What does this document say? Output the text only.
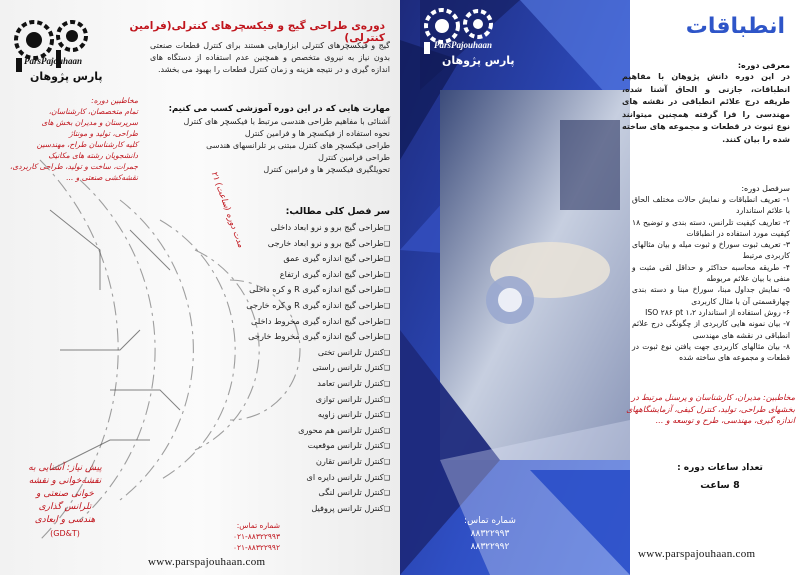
ParsPajouhaan
پارس پژوهان
دوره‌ی طراحی گیج و فیکسچرهای کنترلی(فرامین کنترلی)
گیج و فیکسچرهای کنترلی ابزارهایی هستند برای کنترل قطعات صنعتی بدون نیاز به نیروی متخصص و همچنین عدم استفاده از دستگاه های اندازه گیری و در نتیجه هزینه و زمان کنترل قطعات را بهبود می بخشد.
مهارت هایی که در این دوره آموزشی کسب می کنیم:
آشنائی با مفاهیم طراحی هندسی مرتبط با فیکسچر های کنترل
نحوه استفاده از فیکسچر ها و فرامین کنترل
طراحی فیکسچر های کنترل مبتنی بر تلرانسهای هندسی
طراحی فرامین کنترل
تحویلگیری فیکسچر ها و فرامین کنترل
مخاطبین دوره:
تمام متخصصان، کارشناسان،
سرپرستان و مدیران بخش های
طراحی، تولید و مونتاژ
کلیه کارشناسان طراح، مهندسین
دانشجویان رشته های مکانیک
جمرات، ساخت و تولید، طراحی کاربردی،
نقشه‌کشی صنعتی و ...	مدت دوره (ساعت) ۲۱	سر فصل کلی مطالب:
❑ طراحی گیج برو و نرو ابعاد داخلی
❑ طراحی گیج برو و نرو ابعاد خارجی
❑ طراحی گیج اندازه گیری عمق
❑ طراحی گیج اندازه گیری ارتفاع
❑ طراحی گیج اندازه گیری R و کره داخلی
❑ طراحی گیج اندازه گیری R و کره خارجی
❑ طراحی گیج اندازه گیری مخروط داخلی
❑ طراحی گیج اندازه گیری مخروط خارجی
❑ کنترل تلرانس تختی
❑ کنترل تلرانس راستی
❑ کنترل تلرانس تعامد
❑ کنترل تلرانس توازی
❑ کنترل تلرانس زاویه
❑ کنترل تلرانس هم محوری
❑ کنترل تلرانس موقعیت
❑ کنترل تلرانس تقارن
❑ کنترل تلرانس دایره ای
❑ کنترل تلرانس لنگی
❑ کنترل تلرانس پروفیل
پیش نیاز: آشنایی به
نقشه‌خوانی و نقشه
خوانی صنعتی و
تلرانس گذاری
هندسی و ابعادی
(GD&T)
شماره تماس:
۰۲۱-۸۸۳۲۲۹۹۳
۰۲۱-۸۸۳۲۲۹۹۲
www.parspajouhaan.com
ParsPajouhaan
پارس پژوهان
انطباقات
معرفی دوره:
در این دوره دانش پژوهان با مفاهیم انطباقات، جازنی و الحاق آشنا شده، طریقه درج علائم انطباقی در نقشه های مهندسی را فرا گرفته همچنین میتوانند نوع ثبوت در قطعات و مجموعه های ساخته شده را بیان کنند.
سرفصل دوره:
۱- تعریف انطباقات و نمایش حالات مختلف الحاق با علائم استاندارد
۲- تعاریف کیفیت تلرانس، دسته بندی و توضیح ۱۸ کیفیت مورد استفاده در انطباقات
۳- تعریف ثبوت سوراخ و ثبوت میله و بیان مثالهای کاربردی مرتبط
۴- طریقه محاسبه حداکثر و حداقل لقی مثبت و منفی با بیان علائم مربوطه
۵- نمایش جداول مبنا، سوراخ مبنا و دسته بندی چهارقسمتی آن با مثال کاربردی
۶- روش استفاده از استاندارد ISO ۲۸۶ pt ۱،۲
۷- بیان نمونه هایی کاربردی از چگونگی درج علائم انطباقی در نقشه های مهندسی
۸- بیان مثالهای کاربردی جهت یافتن نوع ثبوت در قطعات و مجموعه های ساخته شده
مخاطبین: مدیران، کارشناسان و پرسنل مرتبط در
بخشهای طراحی، تولید، کنترل کیفی، آزمایشگاههای
اندازه گیری، مهندسی، طرح و توسعه و ...
تعداد ساعات دوره :
8 ساعت
شماره تماس:
۸۸۳۲۲۹۹۳
۸۸۳۲۲۹۹۲
www.parspajouhaan.com
